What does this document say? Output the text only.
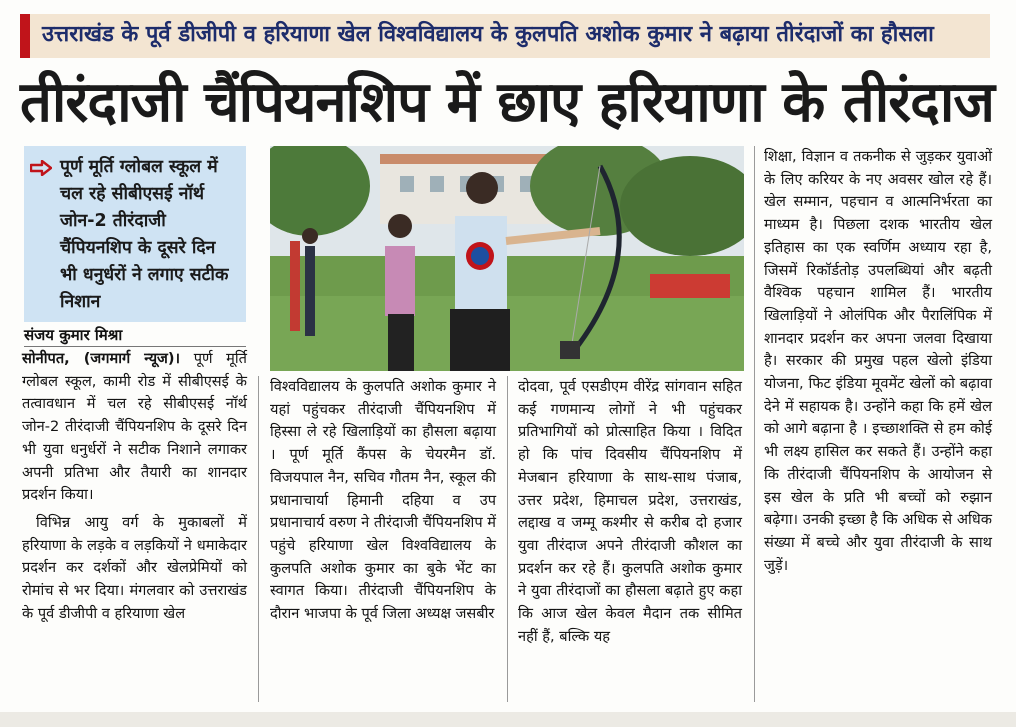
उत्तराखंड के पूर्व डीजीपी व हरियाणा खेल विश्वविद्यालय के कुलपति अशोक कुमार ने बढ़ाया तीरंदाजों का हौसला
तीरंदाजी चैंपियनशिप में छाए हरियाणा के तीरंदाज
पूर्ण मूर्ति ग्लोबल स्कूल में चल रहे सीबीएसई नॉर्थ जोन-2 तीरंदाजी चैंपियनशिप के दूसरे दिन भी धनुर्धरों ने लगाए सटीक निशान
संजय कुमार मिश्रा

सोनीपत, (जगमार्ग न्यूज)। पूर्ण मूर्ति ग्लोबल स्कूल, कामी रोड में सीबीएसई के तत्वावधान में चल रहे सीबीएसई नॉर्थ जोन-2 तीरंदाजी चैंपियनशिप के दूसरे दिन भी युवा धनुर्धरों ने सटीक निशाने लगाकर अपनी प्रतिभा और तैयारी का शानदार प्रदर्शन किया।

विभिन्न आयु वर्ग के मुकाबलों में हरियाणा के लड़के व लड़कियों ने धमाकेदार प्रदर्शन कर दर्शकों और खेलप्रेमियों को रोमांच से भर दिया। मंगलवार को उत्तराखंड के पूर्व डीजीपी व हरियाणा खेल

विश्वविद्यालय के कुलपति अशोक कुमार ने यहां पहुंचकर तीरंदाजी चैंपियनशिप में हिस्सा ले रहे खिलाड़ियों का हौसला बढ़ाया । पूर्ण मूर्ति कैंपस के चेयरमैन डॉ. विजयपाल नैन, सचिव गौतम नैन, स्कूल की प्रधानाचार्या हिमानी दहिया व उप प्रधानाचार्य वरुण ने तीरंदाजी चैंपियनशिप में पहुंचे हरियाणा खेल विश्वविद्यालय के कुलपति अशोक कुमार का बुके भेंट का स्वागत किया। तीरंदाजी चैंपियनशिप के दौरान भाजपा के पूर्व जिला अध्यक्ष जसबीर
दोदवा, पूर्व एसडीएम वीरेंद्र सांगवान सहित कई गणमान्य लोगों ने भी पहुंचकर प्रतिभागियों को प्रोत्साहित किया । विदित हो कि पांच दिवसीय चैंपियनशिप में मेजबान हरियाणा के साथ-साथ पंजाब, उत्तर प्रदेश, हिमाचल प्रदेश, उत्तराखंड, लद्दाख व जम्मू कश्मीर से करीब दो हजार युवा तीरंदाज अपने तीरंदाजी कौशल का प्रदर्शन कर रहे हैं। कुलपति अशोक कुमार ने युवा तीरंदाजों का हौसला बढ़ाते हुए कहा कि आज खेल केवल मैदान तक सीमित नहीं हैं, बल्कि यह
शिक्षा, विज्ञान व तकनीक से जुड़कर युवाओं के लिए करियर के नए अवसर खोल रहे हैं। खेल सम्मान, पहचान व आत्मनिर्भरता का माध्यम है। पिछला दशक भारतीय खेल इतिहास का एक स्वर्णिम अध्याय रहा है, जिसमें रिकॉर्डतोड़ उपलब्धियां और बढ़ती वैश्विक पहचान शामिल हैं। भारतीय खिलाड़ियों ने ओलंपिक और पैरालिंपिक में शानदार प्रदर्शन कर अपना जलवा दिखाया है। सरकार की प्रमुख पहल खेलो इंडिया योजना, फिट इंडिया मूवमेंट खेलों को बढ़ावा देने में सहायक है। उन्होंने कहा कि हमें खेल को आगे बढ़ाना है । इच्छाशक्ति से हम कोई भी लक्ष्य हासिल कर सकते हैं। उन्होंने कहा कि तीरंदाजी चैंपियनशिप के आयोजन से इस खेल के प्रति भी बच्चों को रुझान बढ़ेगा। उनकी इच्छा है कि अधिक से अधिक संख्या में बच्चे और युवा तीरंदाजी के साथ जुड़ें।
